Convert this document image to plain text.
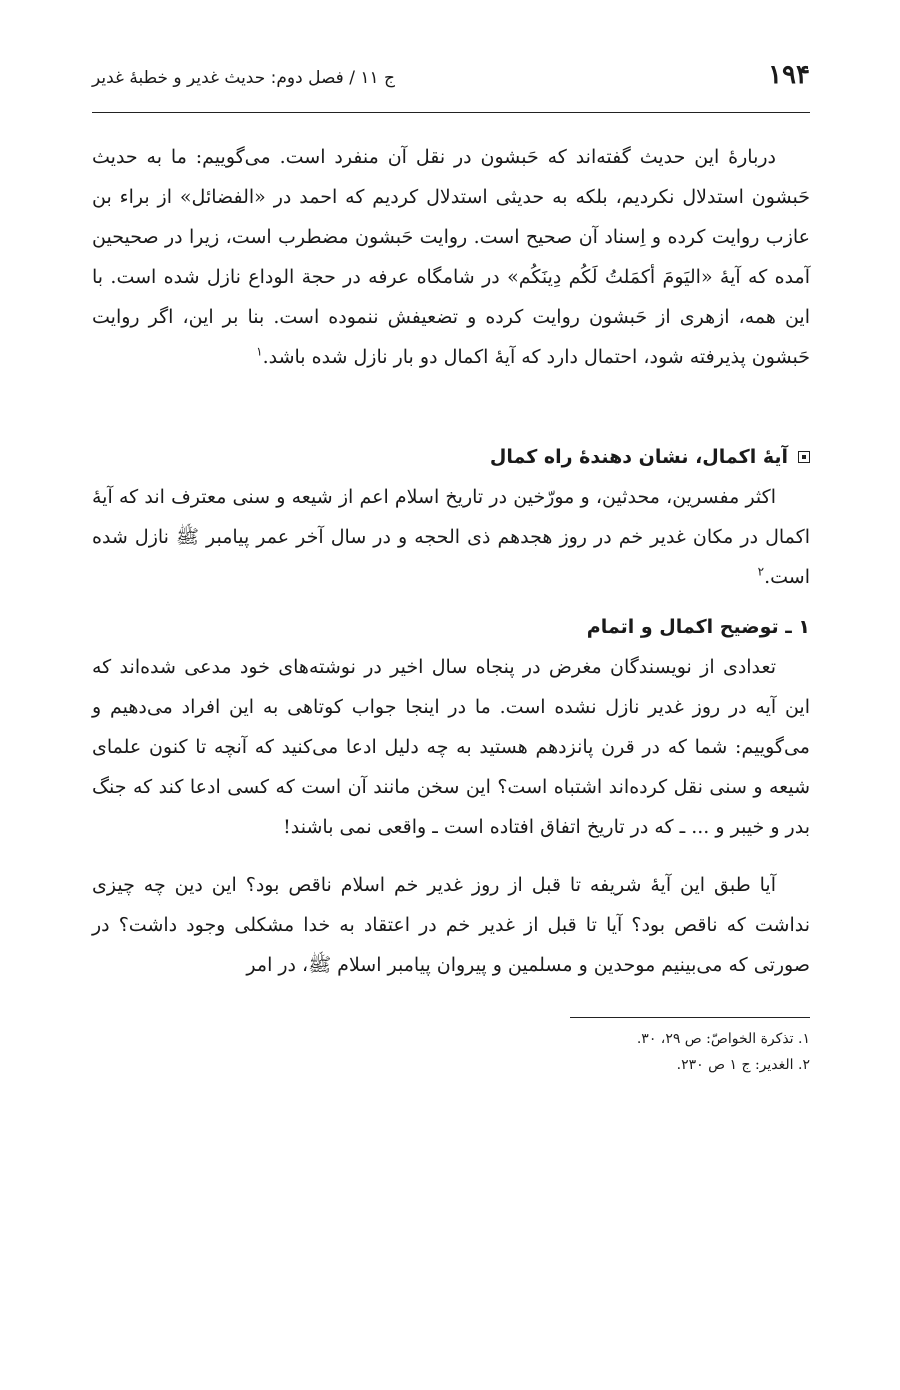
۱۹۴
ج ۱۱ / فصل دوم: حدیث غدیر و خطبهٔ غدیر

دربارهٔ این حدیث گفته‌اند که حَبشون در نقل آن منفرد است. می‌گوییم: ما به حدیث حَبشون استدلال نکردیم، بلکه به حدیثی استدلال کردیم که احمد در «الفضائل» از براء بن عازب روایت کرده و اِسناد آن صحیح است. روایت حَبشون مضطرب است، زیرا در صحیحین آمده که آیهٔ «الیَومَ أکمَلتُ لَکُم دِینَکُم» در شامگاه عرفه در حجة الوداع نازل شده است. با این همه، ازهری از حَبشون روایت کرده و تضعیفش ننموده است. بنا بر این، اگر روایت حَبشون پذیرفته شود، احتمال دارد که آیهٔ اکمال دو بار نازل شده باشد.$^۱$

آیهٔ اکمال، نشان دهندهٔ راه کمال

اکثر مفسرین، محدثین، و مورّخین در تاریخ اسلام اعم از شیعه و سنی معترف اند که آیهٔ اکمال در مکان غدیر خم در روز هجدهم ذی الحجه و در سال آخر عمر پیامبر ﷺ نازل شده است.$^۲$

۱ ـ توضیح اکمال و اتمام

تعدادی از نویسندگان مغرض در پنجاه سال اخیر در نوشته‌های خود مدعی شده‌اند که این آیه در روز غدیر نازل نشده است. ما در اینجا جواب کوتاهی به این افراد می‌دهیم و می‌گوییم: شما که در قرن پانزدهم هستید به چه دلیل ادعا می‌کنید که آنچه تا کنون علمای شیعه و سنی نقل کرده‌اند اشتباه است؟ این سخن مانند آن است که کسی ادعا کند که جنگ بدر و خیبر و ... ـ که در تاریخ اتفاق افتاده است ـ واقعی نمی باشند!

آیا طبق این آیهٔ شریفه تا قبل از روز غدیر خم اسلام ناقص بود؟ این دین چه چیزی نداشت که ناقص بود؟ آیا تا قبل از غدیر خم در اعتقاد به خدا مشکلی وجود داشت؟ در صورتی که می‌بینیم موحدین و مسلمین و پیروان پیامبر اسلام ﷺ، در امر

۱. تذکرة الخواصّ: ص ۲۹، ۳۰.

۲. الغدیر: ج ۱ ص ۲۳۰.
